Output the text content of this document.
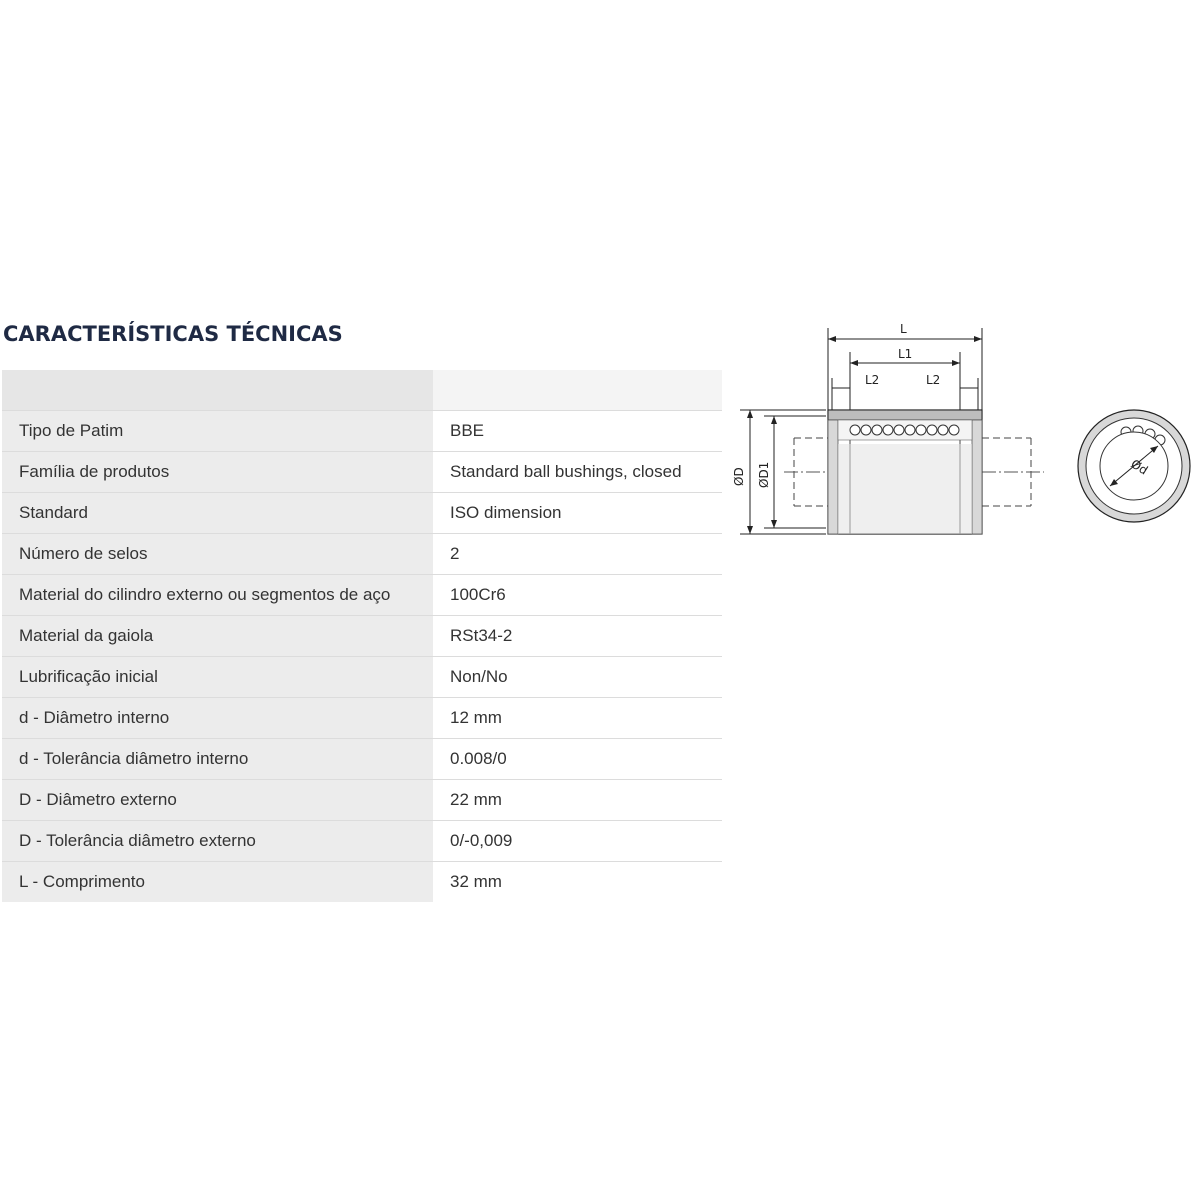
CARACTERÍSTICAS TÉCNICAS

Tipo de Patim	BBE
Família de produtos	Standard ball bushings, closed
Standard	ISO dimension
Número de selos	2
Material do cilindro externo ou segmentos de aço	100Cr6
Material da gaiola	RSt34-2
Lubrificação inicial	Non/No
d - Diâmetro interno	12 mm
d - Tolerância diâmetro interno	0.008/0
D - Diâmetro externo	22 mm
D - Tolerância diâmetro externo	0/-0,009
L - Comprimento	32 mm
L
L1
L2	L2
ØD ØD1	Ød
